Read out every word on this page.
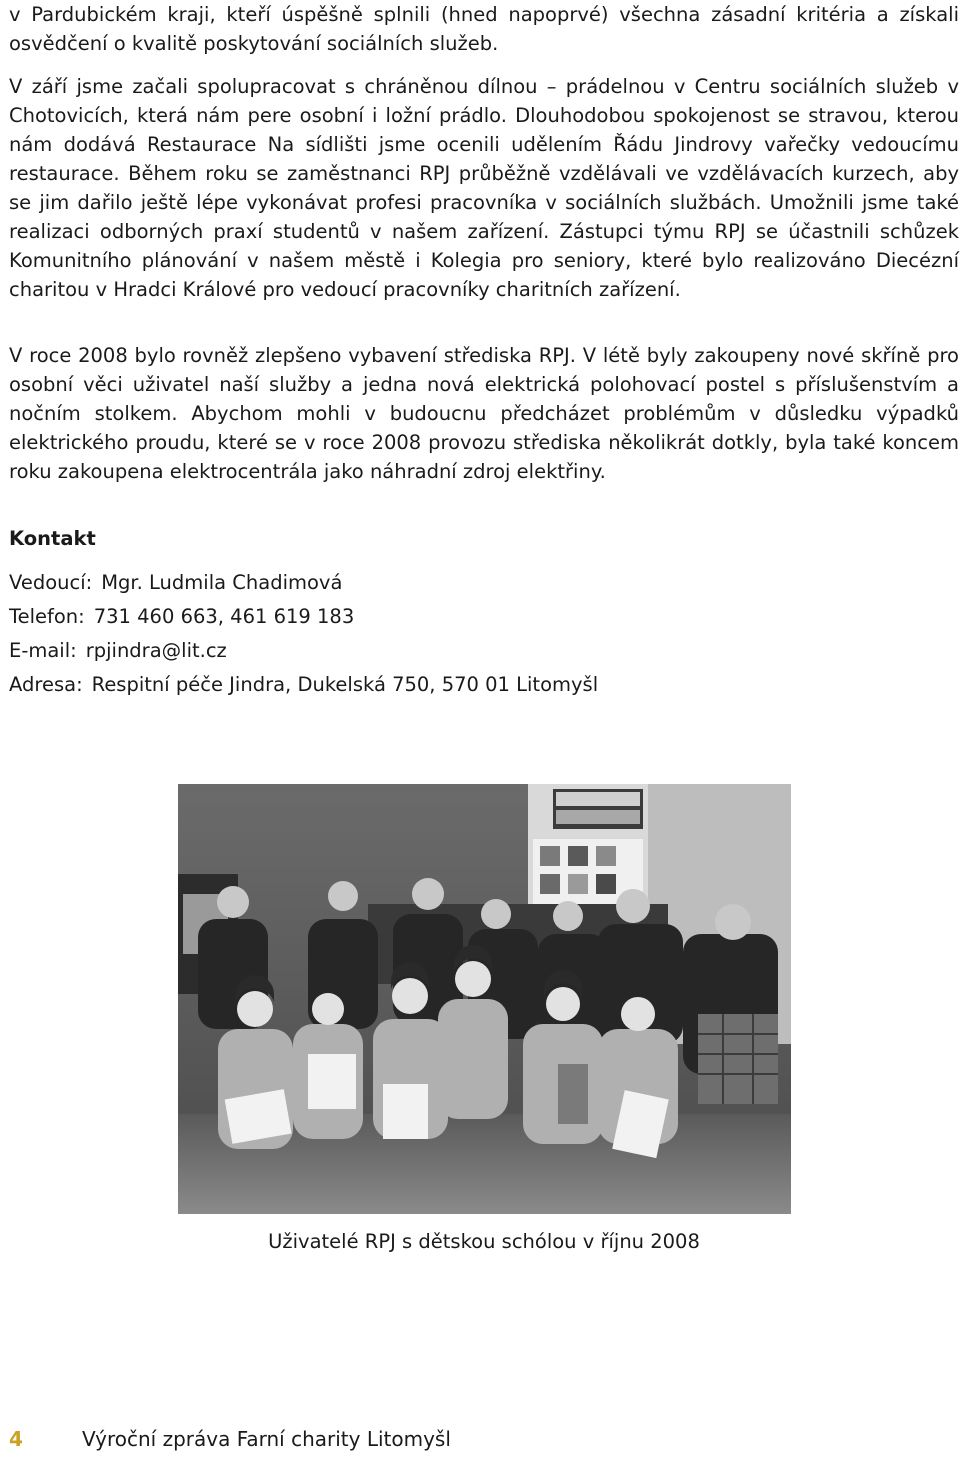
v Pardubickém kraji, kteří úspěšně splnili (hned napoprvé) všechna zásadní kritéria a získali osvědčení o kvalitě poskytování sociálních služeb.

V září jsme začali spolupracovat s chráněnou dílnou – prádelnou v Centru sociálních služeb v Chotovicích, která nám pere osobní i ložní prádlo. Dlouhodobou spokojenost se stravou, kterou nám dodává Restaurace Na sídlišti jsme ocenili udělením Řádu Jindrovy vařečky vedoucímu restaurace. Během roku se zaměstnanci RPJ průběžně vzdělávali ve vzdělávacích kurzech, aby se jim dařilo ještě lépe vykonávat profesi pracovníka v sociálních službách. Umožnili jsme také realizaci odborných praxí studentů v našem zařízení. Zástupci týmu RPJ se účastnili schůzek Komunitního plánování v našem městě i Kolegia pro seniory, které bylo realizováno Diecézní charitou v Hradci Králové pro vedoucí pracovníky charitních zařízení.

V roce 2008 bylo rovněž zlepšeno vybavení střediska RPJ. V létě byly zakoupeny nové skříně pro osobní věci uživatel naší služby a jedna nová elektrická polohovací postel s příslušenstvím a nočním stolkem. Abychom mohli v budoucnu předcházet problémům v důsledku výpadků elektrického proudu, které se v roce 2008 provozu střediska několikrát dotkly, byla také koncem roku zakoupena elektrocentrála jako náhradní zdroj elektřiny.

Kontakt

Vedoucí: Mgr. Ludmila Chadimová

Telefon: 731 460 663, 461 619 183

E-mail: rpjindra@lit.cz

Adresa: Respitní péče Jindra, Dukelská 750, 570 01 Litomyšl

Uživatelé RPJ s dětskou schólou v říjnu 2008

4	Výroční zpráva Farní charity Litomyšl
